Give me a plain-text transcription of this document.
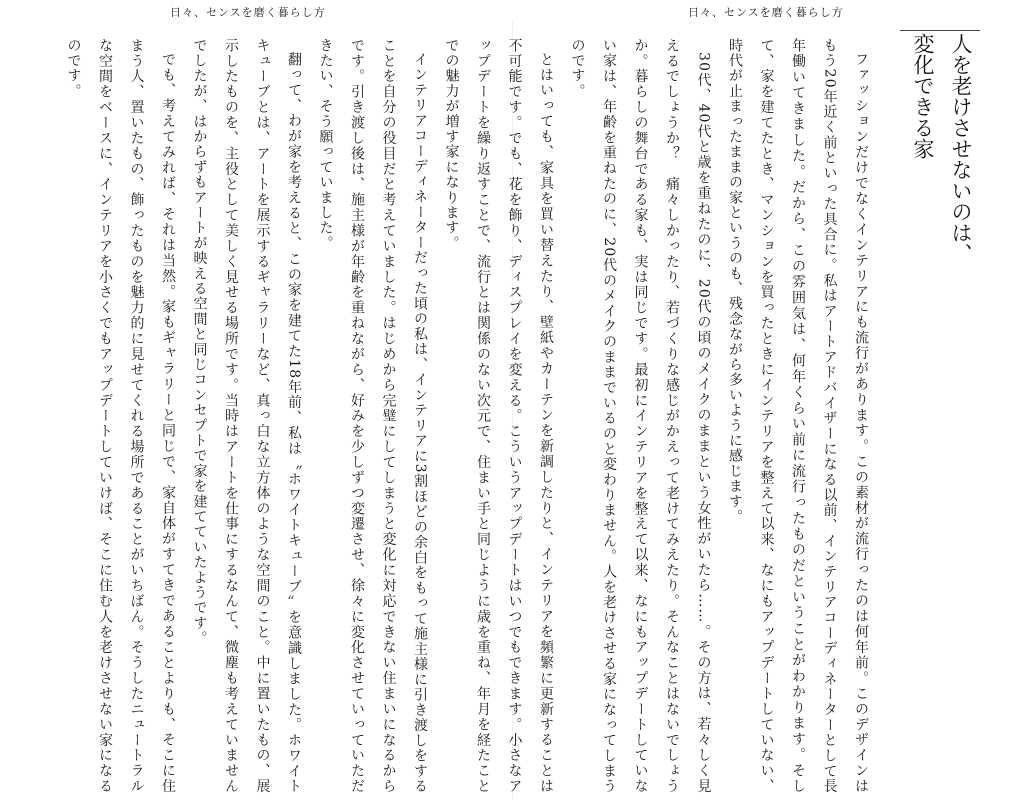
日々、センスを磨く暮らし方	日々、センスを磨く暮らし方
人を老けさせないのは、
変化できる家

ファッションだけでなくインテリアにも流行があります。この素材が流行ったのは何年前。このデザインはもう20年近く前といった具合に。私はアートアドバイザーになる以前、インテリアコーディネーターとして長年働いてきました。だから、この雰囲気は、何年くらい前に流行ったものだということがわかります。そして、家を建てたとき、マンションを買ったときにインテリアを整えて以来、なにもアップデートしていない、時代が止まったままの家というのも、残念ながら多いように感じます。

30代、40代と歳を重ねたのに、20代の頃のメイクのままという女性がいたら……。その方は、若々しく見えるでしょうか？　痛々しかったり、若づくりな感じがかえって老けてみえたり。そんなことはないでしょうか。暮らしの舞台である家も、実は同じです。最初にインテリアを整えて以来、なにもアップデートしていない家は、年齢を重ねたのに、20代のメイクのままでいるのと変わりません。人を老けさせる家になってしまうのです。

とはいっても、家具を買い替えたり、壁紙やカーテンを新調したりと、インテリアを頻繁に更新することは不可能です。でも、花を飾り、ディスプレイを変える。こういうアップデートはいつでもできます。小さなアップデートを繰り返すことで、流行とは関係のない次元で、住まい手と同じように歳を重ね、年月を経たことでの魅力が増す家になります。

インテリアコーディネーターだった頃の私は、インテリアに3割ほどの余白をもって施主様に引き渡しをすることを自分の役目だと考えていました。はじめから完璧にしてしまうと変化に対応できない住まいになるからです。引き渡し後は、施主様が年齢を重ねながら、好みを少しずつ変遷させ、徐々に変化させていっていただきたい、そう願っていました。

翻って、わが家を考えると、この家を建てた18年前、私は〝ホワイトキューブ〟を意識しました。ホワイトキューブとは、アートを展示するギャラリーなど、真っ白な立方体のような空間のこと。中に置いたもの、展示したものを、主役として美しく見せる場所です。当時はアートを仕事にするなんて、微塵も考えていませんでしたが、はからずもアートが映える空間と同じコンセプトで家を建てていたようです。

でも、考えてみれば、それは当然。家もギャラリーと同じで、家自体がすてきであることよりも、そこに住まう人、置いたもの、飾ったものを魅力的に見せてくれる場所であることがいちばん。そうしたニュートラルな空間をベースに、インテリアを小さくでもアップデートしていけば、そこに住む人を老けさせない家になるのです。
